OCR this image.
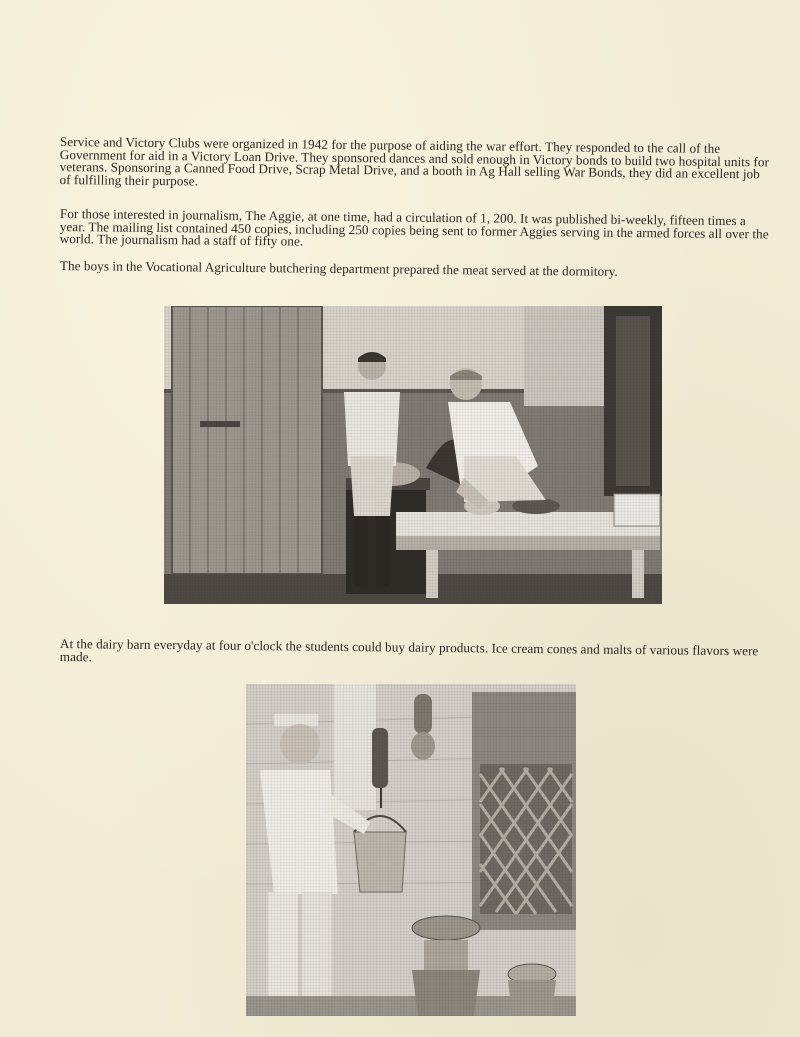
Service and Victory Clubs were organized in 1942 for the purpose of aiding the war effort. They responded to the call of the Government for aid in a Victory Loan Drive. They sponsored dances and sold enough in Victory bonds to build two hospital units for veterans. Sponsoring a Canned Food Drive, Scrap Metal Drive, and a booth in Ag Hall selling War Bonds, they did an excellent job of fulfilling their purpose.

For those interested in journalism, The Aggie, at one time, had a circulation of 1, 200. It was published bi-weekly, fifteen times a year. The mailing list contained 450 copies, including 250 copies being sent to former Aggies serving in the armed forces all over the world. The journalism had a staff of fifty one.

The boys in the Vocational Agriculture butchering department prepared the meat served at the dormitory.

At the dairy barn everyday at four o'clock the students could buy dairy products. Ice cream cones and malts of various flavors were made.
